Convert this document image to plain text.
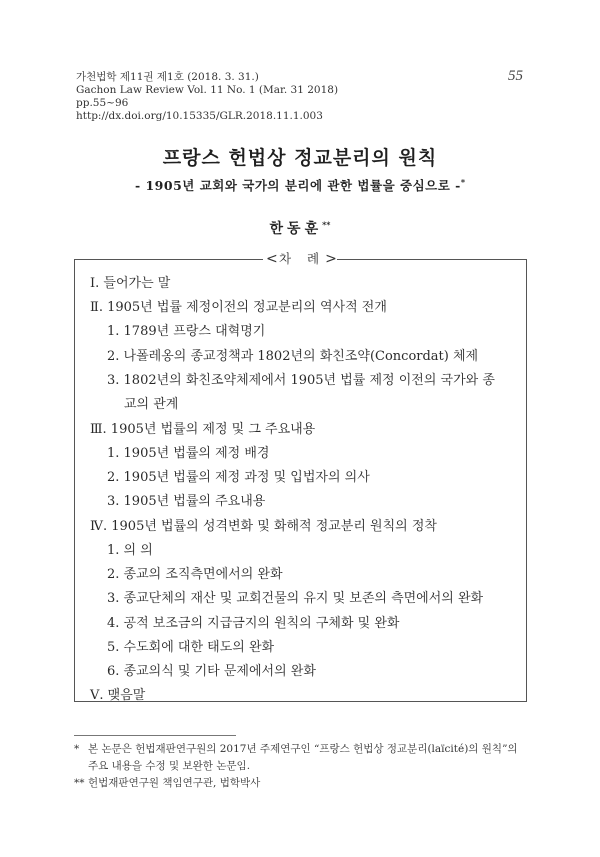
가천법학 제11권 제1호 (2018. 3. 31.)
Gachon Law Review Vol. 11 No. 1 (Mar. 31 2018)
pp.55~96
http://dx.doi.org/10.15335/GLR.2018.11.1.003
55
프랑스 헌법상 정교분리의 원칙
- 1905년 교회와 국가의 분리에 관한 법률을 중심으로 -*
한동훈**
<차 례>
Ⅰ. 들어가는 말
Ⅱ. 1905년 법률 제정이전의 정교분리의 역사적 전개
1. 1789년 프랑스 대혁명기
2. 나폴레옹의 종교정책과 1802년의 화친조약(Concordat) 체제
3. 1802년의 화친조약체제에서 1905년 법률 제정 이전의 국가와 종
교의 관계
Ⅲ. 1905년 법률의 제정 및 그 주요내용
1. 1905년 법률의 제정 배경
2. 1905년 법률의 제정 과정 및 입법자의 의사
3. 1905년 법률의 주요내용
Ⅳ. 1905년 법률의 성격변화 및 화해적 정교분리 원칙의 정착
1. 의 의
2. 종교의 조직측면에서의 완화
3. 종교단체의 재산 및 교회건물의 유지 및 보존의 측면에서의 완화
4. 공적 보조금의 지급금지의 원칙의 구체화 및 완화
5. 수도회에 대한 태도의 완화
6. 종교의식 및 기타 문제에서의 완화
Ⅴ. 맺음말
* 본 논문은 헌법재판연구원의 2017년 주제연구인 “프랑스 헌법상 정교분리(laïcité)의 원칙”의
주요 내용을 수정 및 보완한 논문임.
** 헌법재판연구원 책임연구관, 법학박사
